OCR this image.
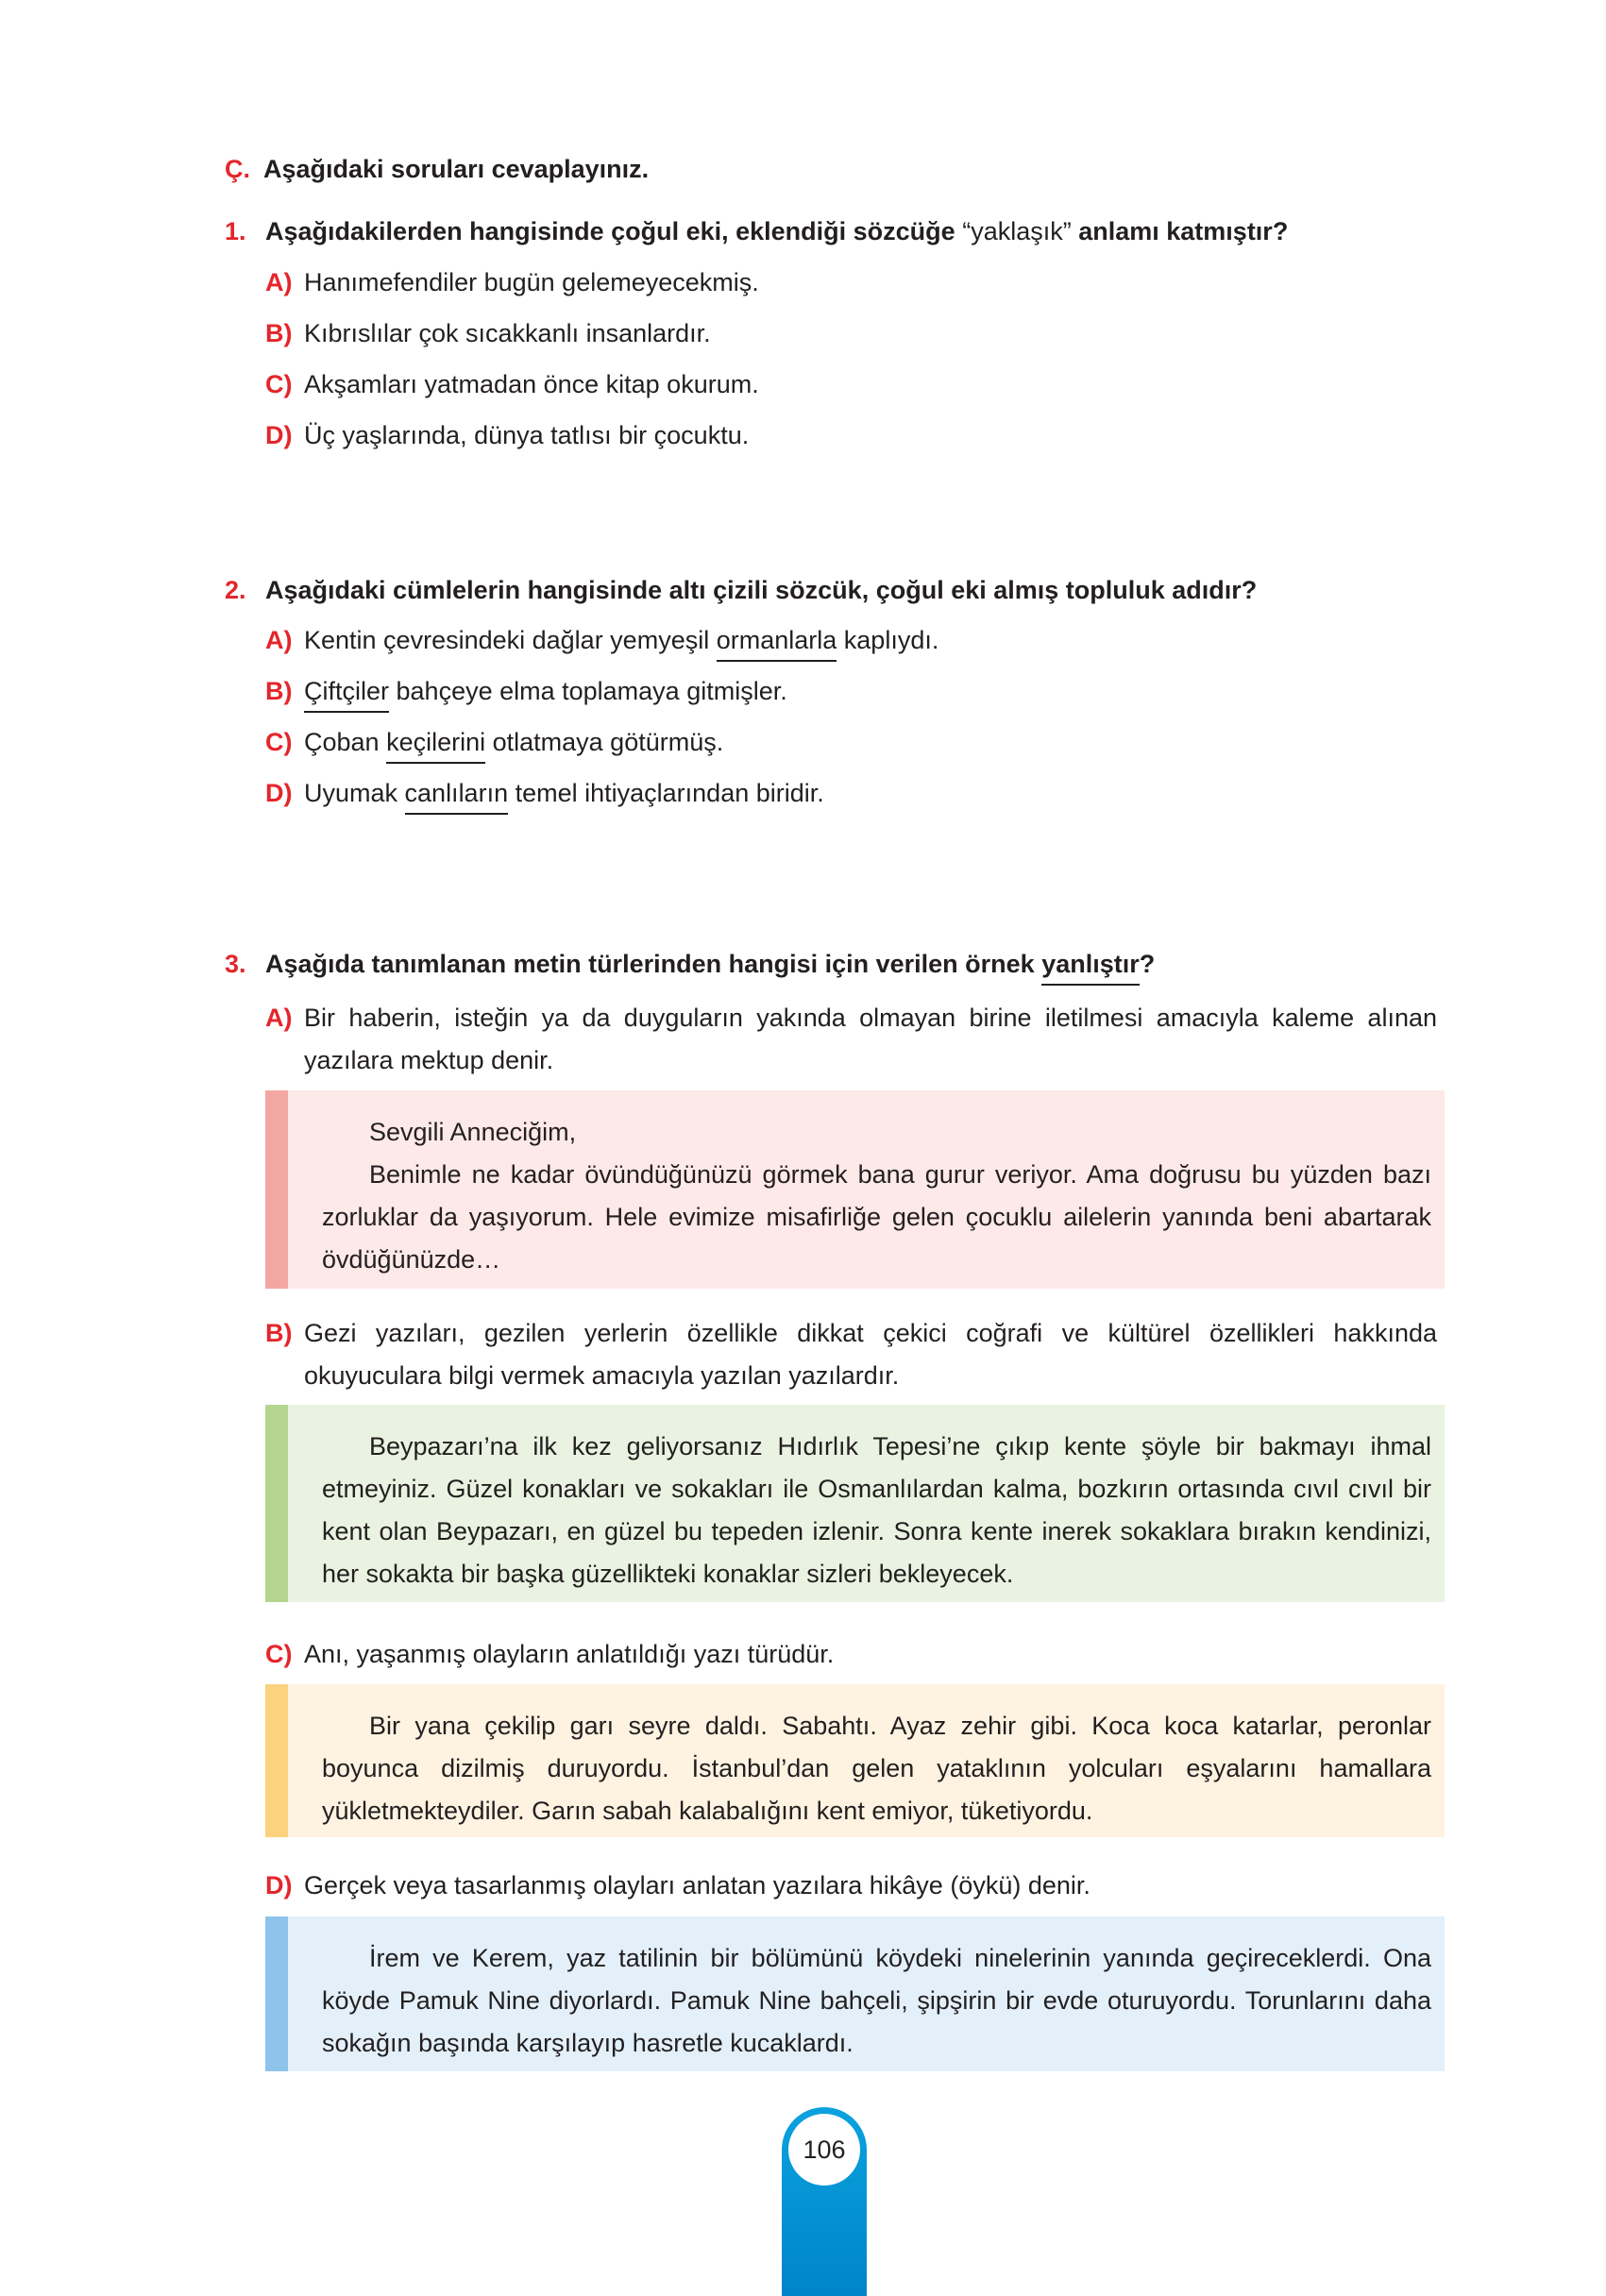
Ç. Aşağıdaki soruları cevaplayınız.
1. Aşağıdakilerden hangisinde çoğul eki, eklendiği sözcüğe “yaklaşık” anlamı katmıştır?
A) Hanımefendiler bugün gelemeyecekmiş.
B) Kıbrıslılar çok sıcakkanlı insanlardır.
C) Akşamları yatmadan önce kitap okurum.
D) Üç yaşlarında, dünya tatlısı bir çocuktu.
2. Aşağıdaki cümlelerin hangisinde altı çizili sözcük, çoğul eki almış topluluk adıdır?
A) Kentin çevresindeki dağlar yemyeşil ormanlarla kaplıydı.
B) Çiftçiler bahçeye elma toplamaya gitmişler.
C) Çoban keçilerini otlatmaya götürmüş.
D) Uyumak canlıların temel ihtiyaçlarından biridir.
3. Aşağıda tanımlanan metin türlerinden hangisi için verilen örnek yanlıştır?
A) Bir haberin, isteğin ya da duyguların yakında olmayan birine iletilmesi amacıyla kaleme alınan yazılara mektup denir.

Sevgili Anneciğim,

Benimle ne kadar övündüğünüzü görmek bana gurur veriyor. Ama doğrusu bu yüzden bazı zorluklar da yaşıyorum. Hele evimize misafirliğe gelen çocuklu ailelerin yanında beni abartarak övdüğünüzde…

B) Gezi yazıları, gezilen yerlerin özellikle dikkat çekici coğrafi ve kültürel özellikleri hakkında okuyuculara bilgi vermek amacıyla yazılan yazılardır.

Beypazarı’na ilk kez geliyorsanız Hıdırlık Tepesi’ne çıkıp kente şöyle bir bakmayı ihmal etmeyiniz. Güzel konakları ve sokakları ile Osmanlılardan kalma, bozkırın ortasında cıvıl cıvıl bir kent olan Beypazarı, en güzel bu tepeden izlenir. Sonra kente inerek sokaklara bırakın kendinizi, her sokakta bir başka güzellikteki konaklar sizleri bekleyecek.

C) Anı, yaşanmış olayların anlatıldığı yazı türüdür.

Bir yana çekilip garı seyre daldı. Sabahtı. Ayaz zehir gibi. Koca koca katarlar, peronlar boyunca dizilmiş duruyordu. İstanbul’dan gelen yataklının yolcuları eşyalarını hamallara yükletmekteydiler. Garın sabah kalabalığını kent emiyor, tüketiyordu.

D) Gerçek veya tasarlanmış olayları anlatan yazılara hikâye (öykü) denir.

İrem ve Kerem, yaz tatilinin bir bölümünü köydeki ninelerinin yanında geçireceklerdi. Ona köyde Pamuk Nine diyorlardı. Pamuk Nine bahçeli, şipşirin bir evde oturuyordu. Torunlarını daha sokağın başında karşılayıp hasretle kucaklardı.

106
